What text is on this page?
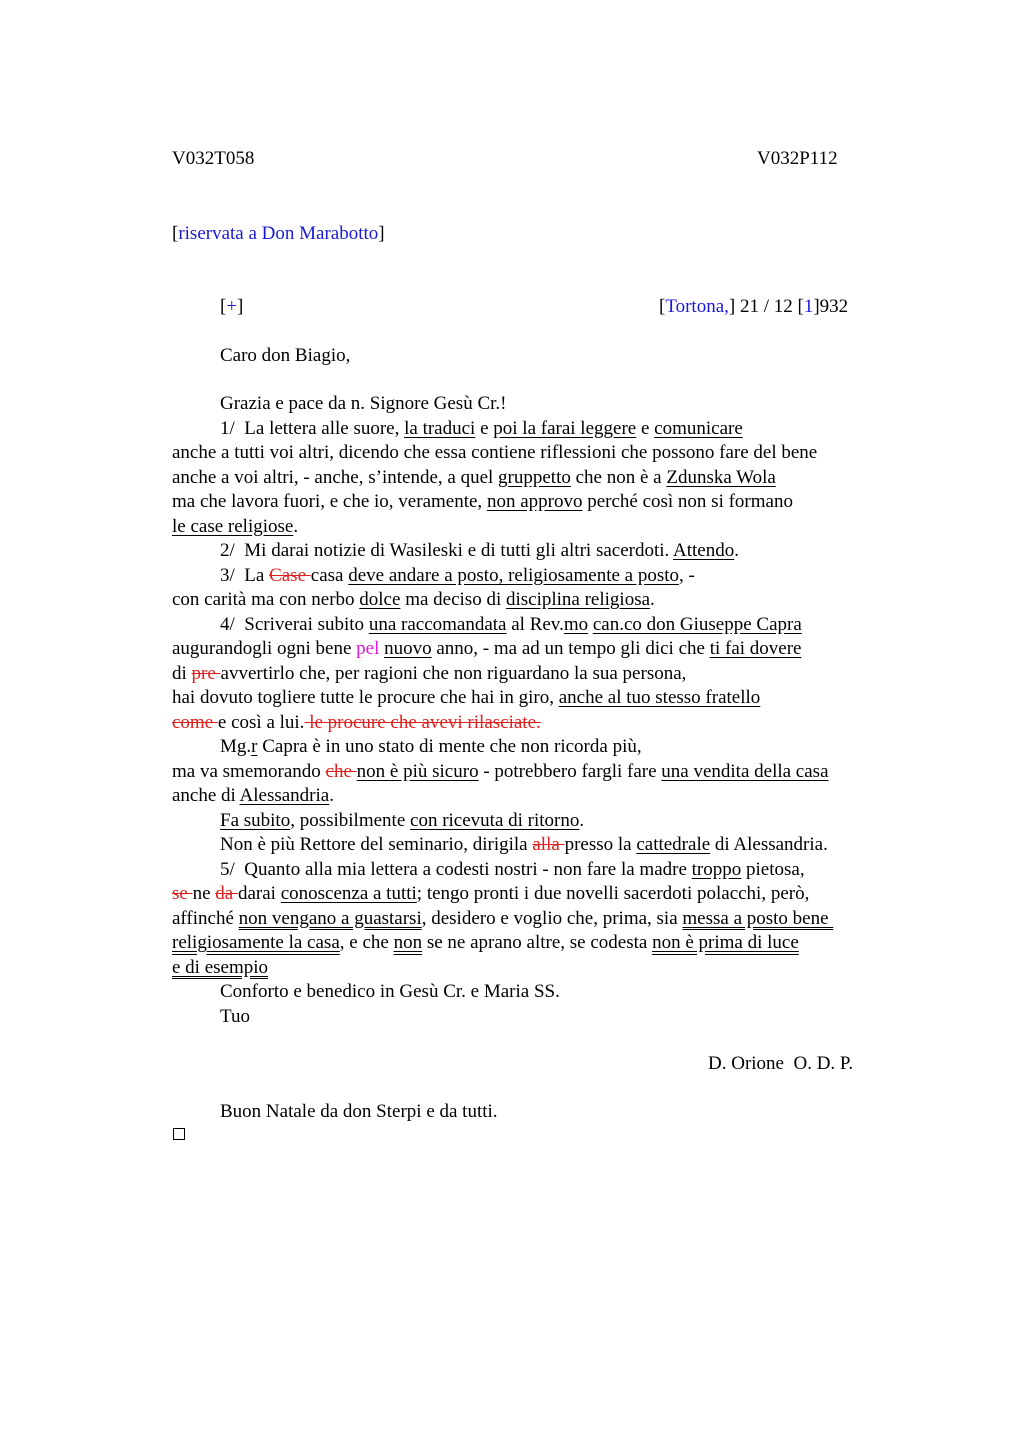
V032T058	V032P112
[riservata a Don Marabotto]
[+]	[Tortona,] 21 / 12 [1]932
Caro don Biagio,
Grazia e pace da n. Signore Gesù Cr.!
1/  La lettera alle suore, la traduci e poi la farai leggere e comunicare
anche a tutti voi altri, dicendo che essa contiene riflessioni che possono fare del bene
anche a voi altri, - anche, s’intende, a quel gruppetto che non è a Zdunska Wola
ma che lavora fuori, e che io, veramente, non approvo perché così non si formano
le case religiose.
2/  Mi darai notizie di Wasileski e di tutti gli altri sacerdoti. Attendo.
3/  La Case casa deve andare a posto, religiosamente a posto, -
con carità ma con nerbo dolce ma deciso di disciplina religiosa.
4/  Scriverai subito una raccomandata al Rev.mo can.co don Giuseppe Capra
augurandogli ogni bene pel nuovo anno, - ma ad un tempo gli dici che ti fai dovere
di pre avvertirlo che, per ragioni che non riguardano la sua persona,
hai dovuto togliere tutte le procure che hai in giro, anche al tuo stesso fratello
come e così a lui. le procure che avevi rilasciate.
Mg.r Capra è in uno stato di mente che non ricorda più,
ma va smemorando che non è più sicuro - potrebbero fargli fare una vendita della casa
anche di Alessandria.
Fa subito, possibilmente con ricevuta di ritorno.
Non è più Rettore del seminario, dirigila alla presso la cattedrale di Alessandria.
5/  Quanto alla mia lettera a codesti nostri - non fare la madre troppo pietosa,
se ne da darai conoscenza a tutti; tengo pronti i due novelli sacerdoti polacchi, però,
affinché non vengano a guastarsi, desidero e voglio che, prima, sia messa a posto bene
religiosamente la casa, e che non se ne aprano altre, se codesta non è prima di luce
e di esempio
Conforto e benedico in Gesù Cr. e Maria SS.
Tuo
D. Orione  O. D. P.
Buon Natale da don Sterpi e da tutti.
